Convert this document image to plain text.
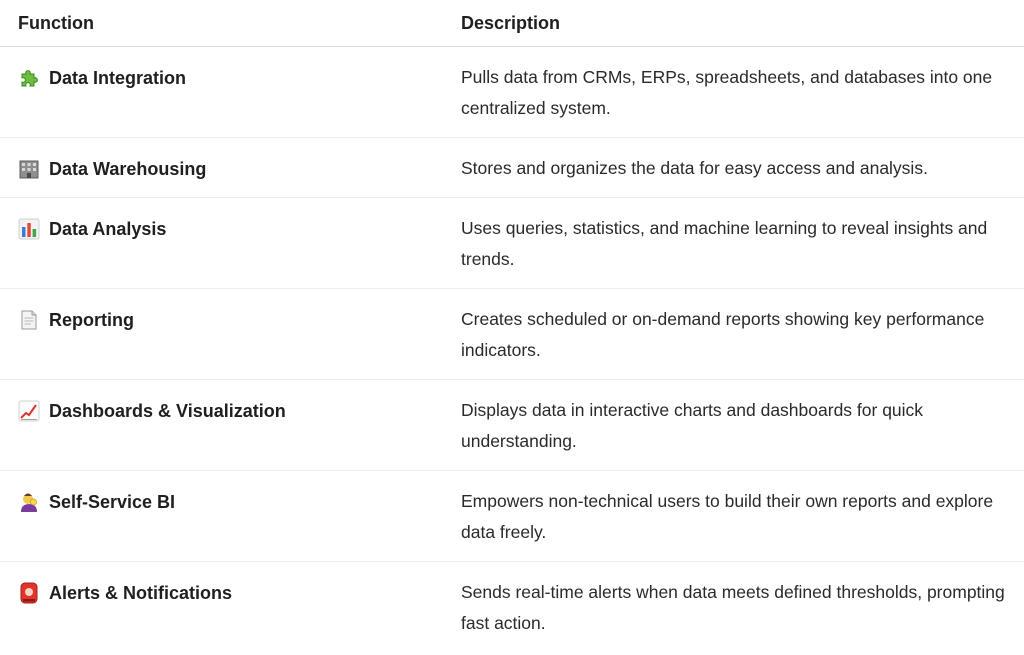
Function	Description

Data Integration	Pulls data from CRMs, ERPs, spreadsheets, and databases into one centralized system.

Data Warehousing	Stores and organizes the data for easy access and analysis.

Data Analysis	Uses queries, statistics, and machine learning to reveal insights and trends.

Reporting	Creates scheduled or on-demand reports showing key performance indicators.

Dashboards & Visualization	Displays data in interactive charts and dashboards for quick understanding.

Self-Service BI	Empowers non-technical users to build their own reports and explore data freely.

Alerts & Notifications	Sends real-time alerts when data meets defined thresholds, prompting fast action.
